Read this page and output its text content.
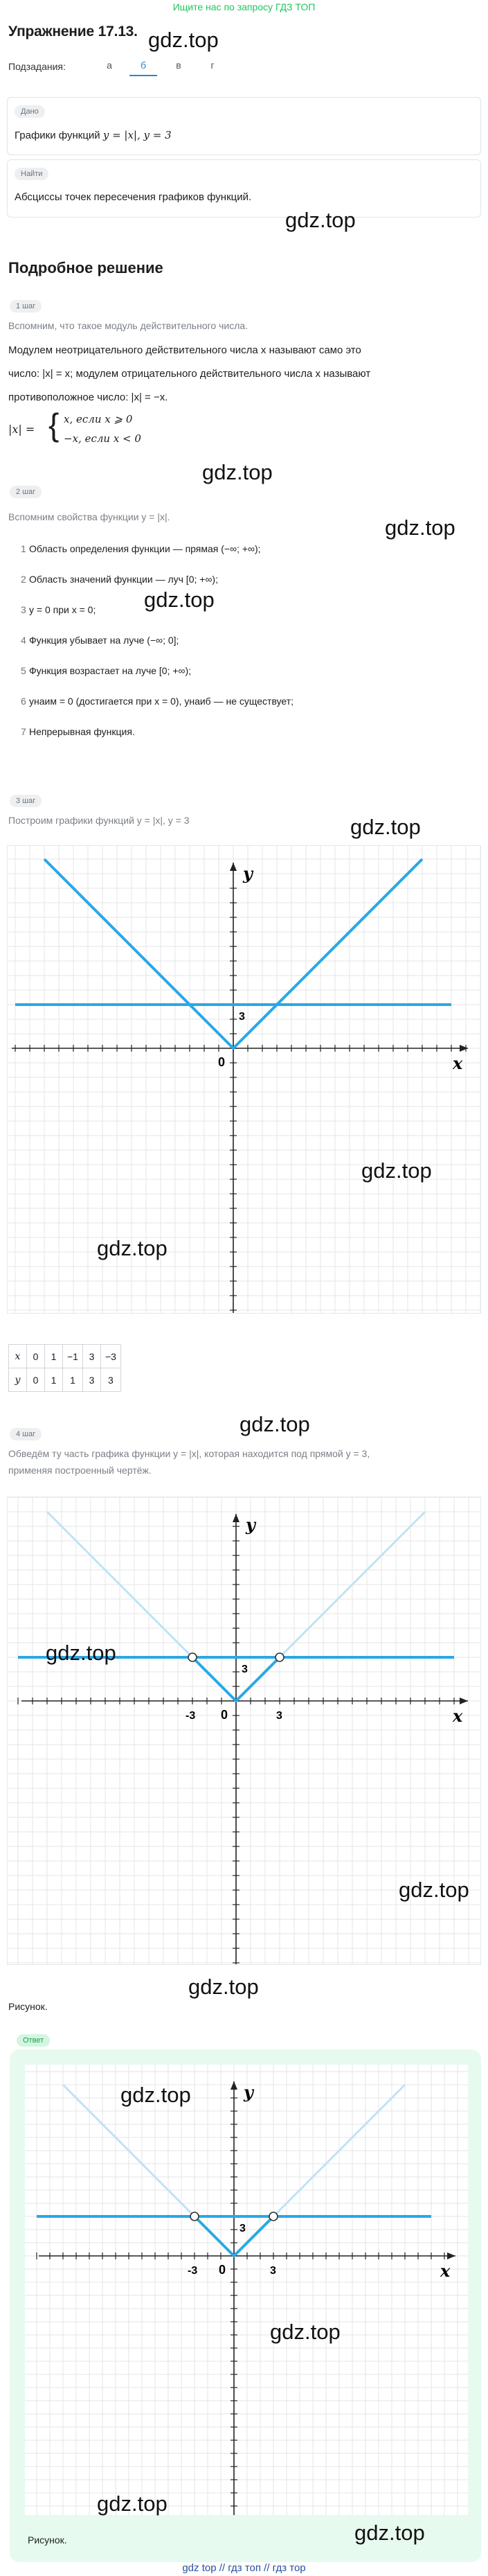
Ищите нас по запросу ГДЗ ТОП
Упражнение 17.13. gdz.top
Подзадания:	а	б	в	г
Дано
Графики функций y = |x|, y = 3
Найти
Абсциссы точек пересечения графиков функций.
gdz.top
Подробное решение
1 шаг
Вспомним, что такое модуль действительного числа.
Модулем неотрицательного действительного числа x называют само это
число: |x| = x; модулем отрицательного действительного числа x называют
противоположное число: |x| = −x.
|x| = { x, если x ⩾ 0
−x, если x < 0
gdz.top
2 шаг
gdz.top
Вспомним свойства функции y = |x|.
1 Область определения функции — прямая (−∞; +∞);
2 Область значений функции — луч [0; +∞);
3 y = 0 при x = 0; gdz.top
4 Функция убывает на луче (−∞; 0];
5 Функция возрастает на луче [0; +∞);
6 yнаим = 0 (достигается при x = 0), yнаиб — не существует;
7 Непрерывная функция.
3 шаг
Построим графики функций y = |x|, y = 3	gdz.top
x
y
0
3
gdz.top
gdz.top
x	0	1	−1	3	−3
y	0	1	1	3	3
gdz.top
4 шаг
Обведём ту часть графика функции y = |x|, которая находится под прямой y = 3,
применяя построенный чертёж.
x
y
0
3
-3	3
gdz.top
gdz.top
Рисунок.
gdz.top
Ответ
x
y
0
3
-3	3
gdz.top
gdz.top
gdz.top
gdz.top
Рисунок.
gdz top // гдз топ // гдз тор
